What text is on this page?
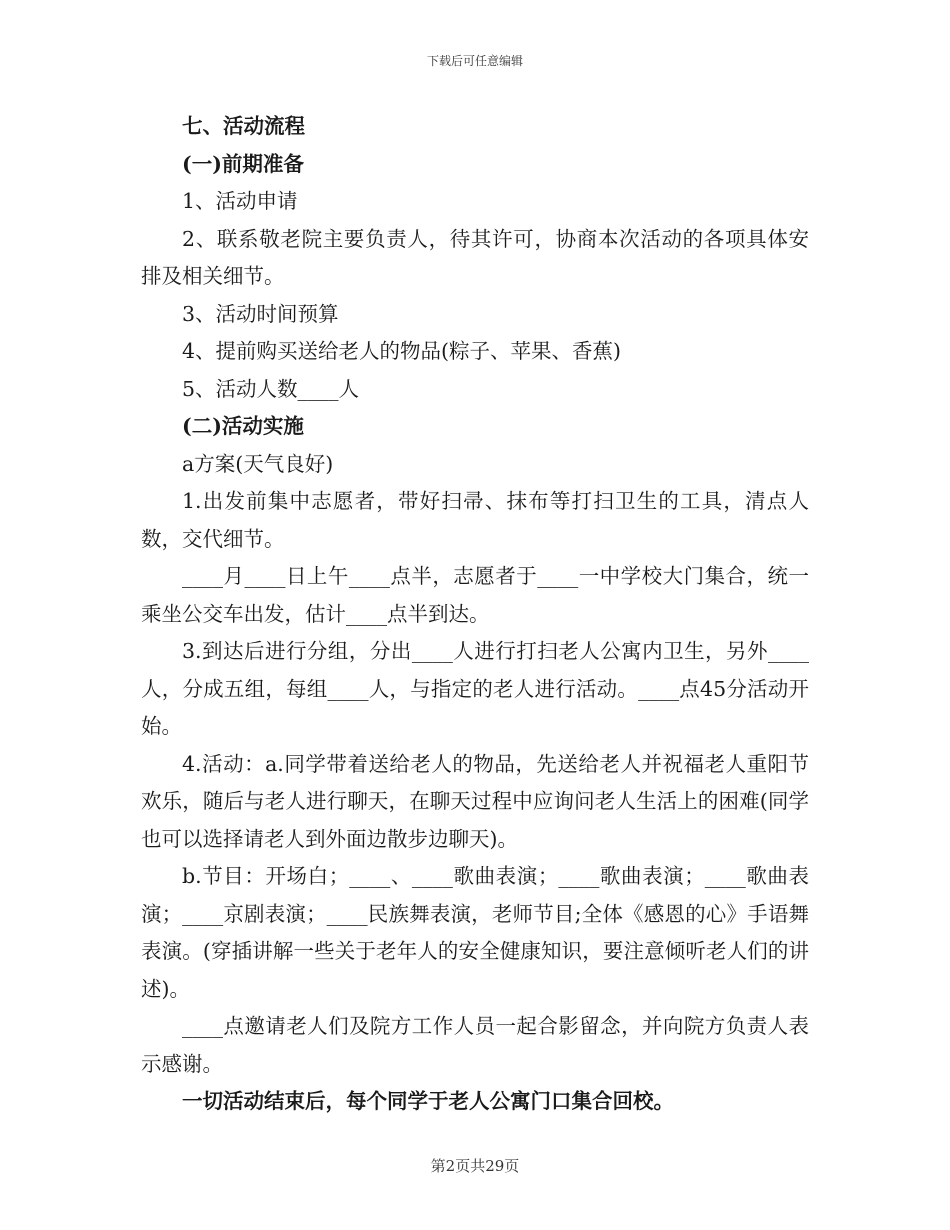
下载后可任意编辑

七、活动流程

(一)前期准备

1、活动申请

2、联系敬老院主要负责人，待其许可，协商本次活动的各项具体安排及相关细节。

3、活动时间预算

4、提前购买送给老人的物品(粽子、苹果、香蕉)

5、活动人数____人

(二)活动实施

a方案(天气良好)

1.出发前集中志愿者，带好扫帚、抹布等打扫卫生的工具，清点人数，交代细节。

____月____日上午____点半，志愿者于____一中学校大门集合，统一乘坐公交车出发，估计____点半到达。

3.到达后进行分组，分出____人进行打扫老人公寓内卫生，另外____人，分成五组，每组____人，与指定的老人进行活动。____点45分活动开始。

4.活动：a.同学带着送给老人的物品，先送给老人并祝福老人重阳节欢乐，随后与老人进行聊天，在聊天过程中应询问老人生活上的困难(同学也可以选择请老人到外面边散步边聊天)。

b.节目：开场白；____、____歌曲表演；____歌曲表演；____歌曲表演；____京剧表演；____民族舞表演，老师节目;全体《感恩的心》手语舞表演。(穿插讲解一些关于老年人的安全健康知识，要注意倾听老人们的讲述)。

____点邀请老人们及院方工作人员一起合影留念，并向院方负责人表示感谢。

一切活动结束后，每个同学于老人公寓门口集合回校。

第2页共29页
